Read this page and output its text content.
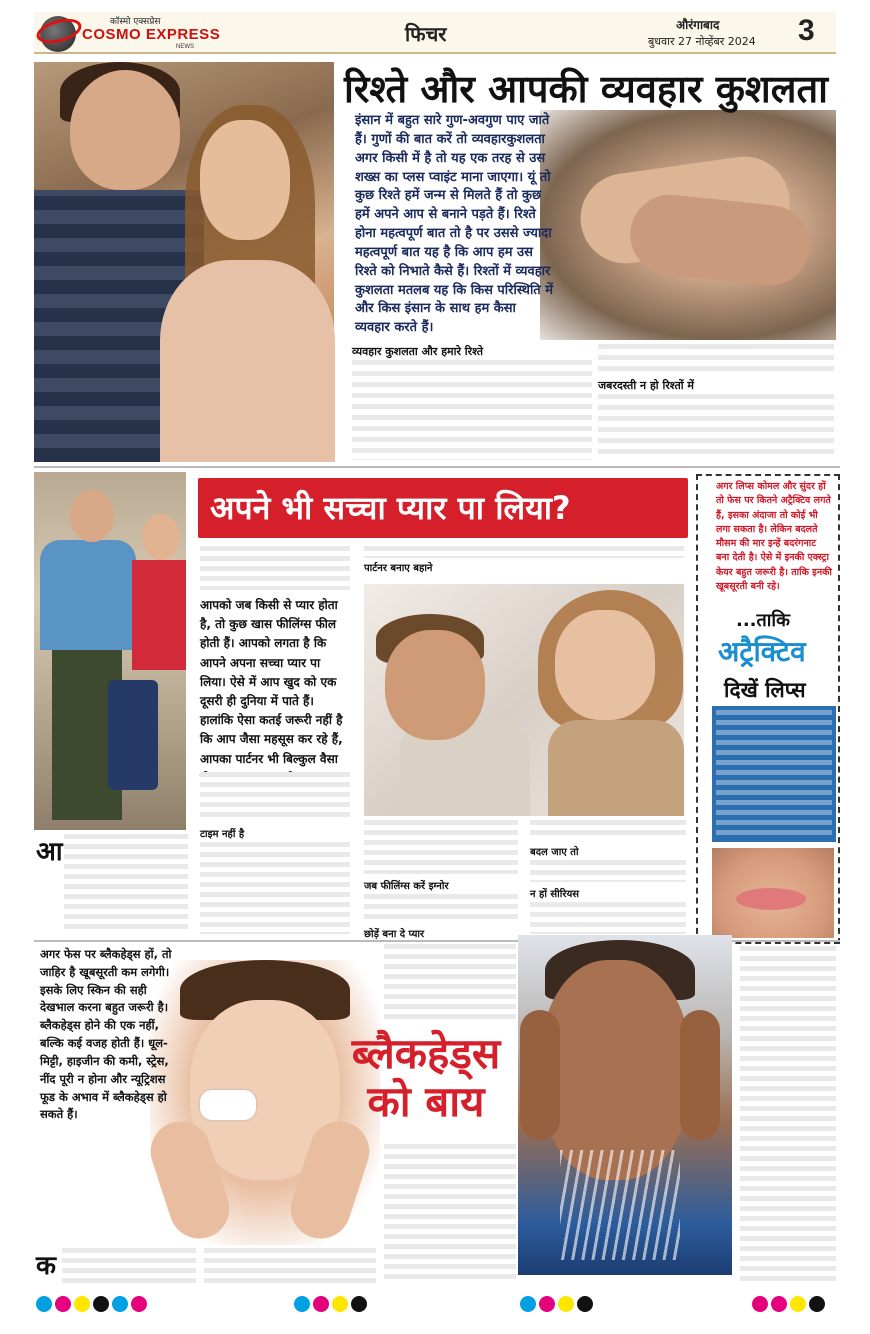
कॉस्मो एक्सप्रेस
COSMO EXPRESS
NEWS
फिचर	औरंगाबाद
बुधवार 27 नोव्हेंबर 2024 3
रिश्ते और आपकी व्यवहार कुशलता
इंसान में बहुत सारे गुण-अवगुण पाए जाते हैं। गुणों की बात करें तो व्यवहारकुशलता अगर किसी में है तो यह एक तरह से उस शख्स का प्लस प्वाइंट माना जाएगा। यूं तो कुछ रिश्ते हमें जन्म से मिलते हैं तो कुछ हमें अपने आप से बनाने पड़ते हैं। रिश्ते होना महत्वपूर्ण बात तो है पर उससे ज्यादा महत्वपूर्ण बात यह है कि आप हम उस रिश्ते को निभाते कैसे हैं। रिश्तों में व्यवहार कुशलता मतलब यह कि किस परिस्थिति में और किस इंसान के साथ हम कैसा व्यवहार करते हैं।
व्यवहार कुशलता और हमारे रिश्ते
जबरदस्ती न हो रिश्तों में
अपने भी सच्चा प्यार पा लिया?
पार्टनर बनाए बहाने
आपको जब किसी से प्यार होता है, तो कुछ खास फीलिंग्स फील होती हैं। आपको लगता है कि आपने अपना सच्चा प्यार पा लिया। ऐसे में आप खुद को एक दूसरी ही दुनिया में पाते हैं। हालांकि ऐसा कतई जरूरी नहीं है कि आप जैसा महसूस कर रहे हैं, आपका पार्टनर भी बिल्कुल वैसा
टाइम नहीं है
आ
जब फीलिंग्स करें इग्नोर
छोड़ें बना दे प्यार
बदल जाए तो
न हों सीरियस
अगर लिप्स कोमल और सुंदर हों तो फेस पर कितने अट्रैक्टिव लगते हैं, इसका अंदाजा तो कोई भी लगा सकता है। लेकिन बदलते मौसम की मार इन्हें बदरंगनाट बना देती है। ऐसे में इनकी एक्स्ट्रा केयर बहुत जरूरी है। ताकि इनकी खूबसूरती बनी रहे।
...ताकि
अट्रैक्टिव
दिखें लिप्स
अगर फेस पर ब्लैकहेड्स हों, तो जाहिर है खूबसूरती कम लगेगी। इसके लिए स्किन की सही देखभाल करना बहुत जरूरी है। ब्लैकहेड्स होने की एक नहीं, बल्कि कई वजह होती हैं। धूल-मिट्टी, हाइजीन की कमी, स्ट्रेस, नींद पूरी न होना और न्यूट्रिशस फूड के अभाव में ब्लैकहेड्स हो सकते हैं।
ब्लैकहेड्स
को बाय
क
